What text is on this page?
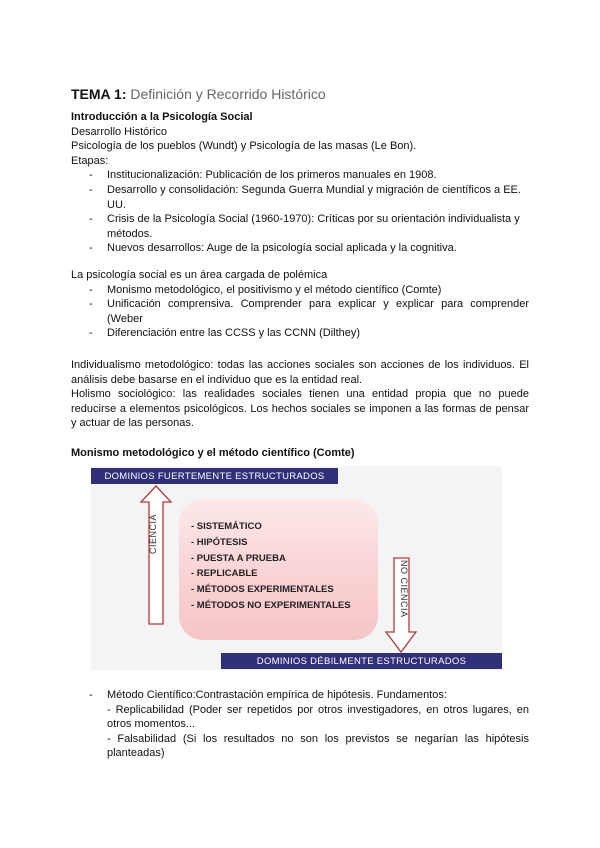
TEMA 1: Definición y Recorrido Histórico
Introducción a la Psicología Social
Desarrollo Histórico
Psicología de los pueblos (Wundt) y Psicología de las masas (Le Bon).
Etapas:
- Institucionalización: Publicación de los primeros manuales en 1908.
- Desarrollo y consolidación: Segunda Guerra Mundial y migración de científicos a EE. UU.
- Crisis de la Psicología Social (1960-1970): Críticas por su orientación individualista y métodos.
- Nuevos desarrollos: Auge de la psicología social aplicada y la cognitiva.
La psicología social es un área cargada de polémica
- Monismo metodológico, el positivismo y el método científico (Comte)
- Unificación comprensiva. Comprender para explicar y explicar para comprender (Weber
- Diferenciación entre las CCSS y las CCNN (Dilthey)
Individualismo metodológico: todas las acciones sociales son acciones de los individuos. El análisis debe basarse en el individuo que es la entidad real.
Holismo sociológico: las realidades sociales tienen una entidad propia que no puede reducirse a elementos psicológicos. Los hechos sociales se imponen a las formas de pensar y actuar de las personas.
Monismo metodológico y el método científico (Comte)
- Método Científico:Contrastación empírica de hipótesis. Fundamentos:
- Replicabilidad (Poder ser repetidos por otros investigadores, en otros lugares, en otros momentos...
- Falsabilidad (Si los resultados no son los previstos se negarían las hipótesis planteadas)
DOMINIOS FUERTEMENTE ESTRUCTURADOS
DOMINIOS DÉBILMENTE ESTRUCTURADOS
CIENCIA
NO CIENCIA
- SISTEMÁTICO
- HIPÓTESIS
- PUESTA A PRUEBA
- REPLICABLE
- MÉTODOS EXPERIMENTALES
- MÉTODOS NO EXPERIMENTALES
